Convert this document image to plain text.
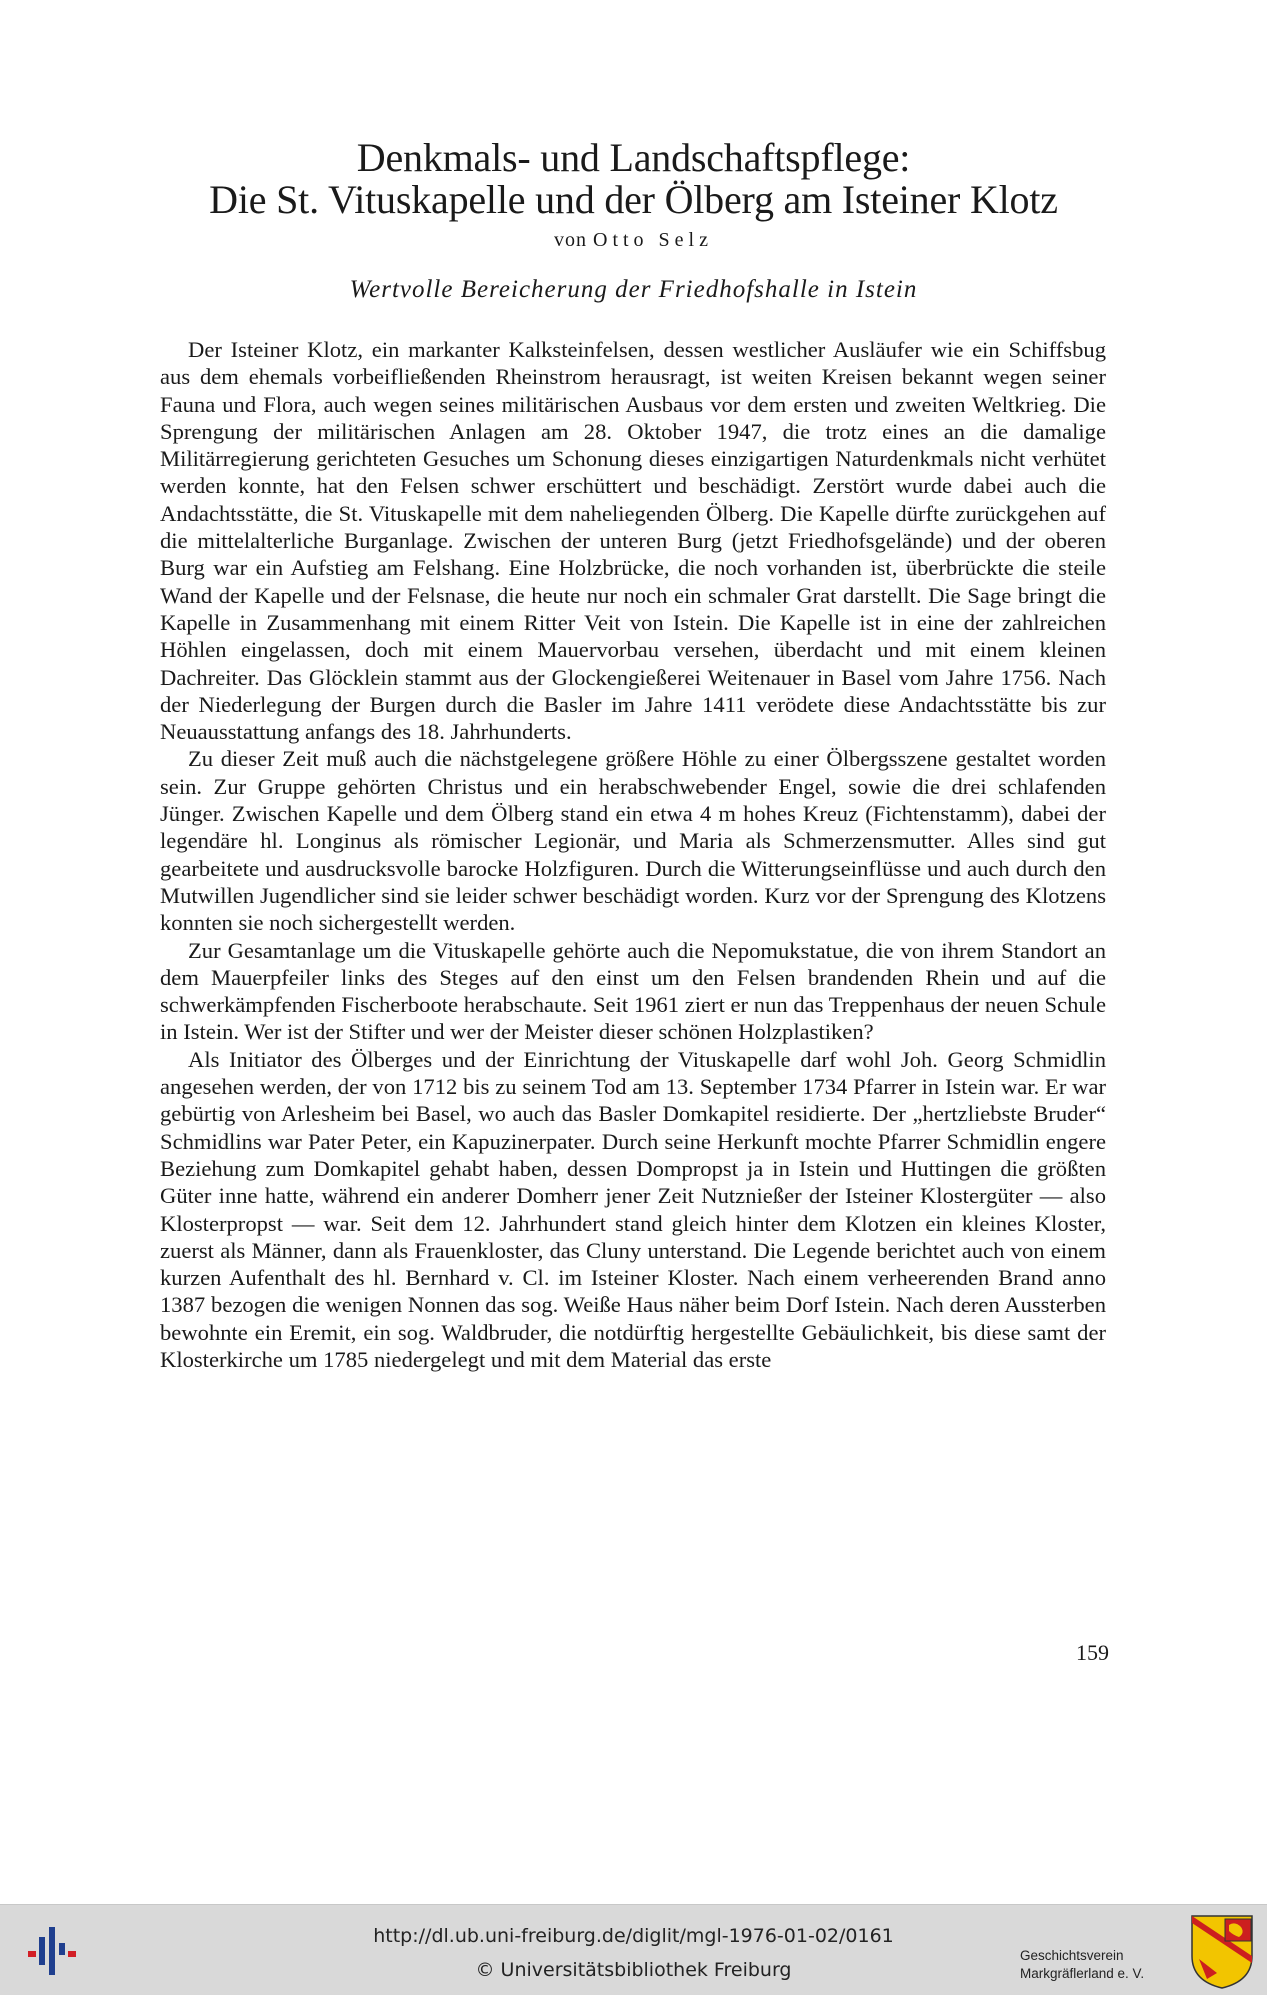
Denkmals- und Landschaftspflege:
Die St. Vituskapelle und der Ölberg am Isteiner Klotz
von Otto Selz
Wertvolle Bereicherung der Friedhofshalle in Istein

Der Isteiner Klotz, ein markanter Kalksteinfelsen, dessen westlicher Ausläufer wie ein Schiffsbug aus dem ehemals vorbeifließenden Rheinstrom herausragt, ist weiten Kreisen bekannt wegen seiner Fauna und Flora, auch wegen seines militärischen Ausbaus vor dem ersten und zweiten Weltkrieg. Die Sprengung der militärischen Anlagen am 28. Oktober 1947, die trotz eines an die damalige Militärregierung gerichteten Gesuches um Schonung dieses einzigartigen Naturdenkmals nicht verhütet werden konnte, hat den Felsen schwer erschüttert und beschädigt. Zerstört wurde dabei auch die Andachtsstätte, die St. Vituskapelle mit dem naheliegenden Ölberg. Die Kapelle dürfte zurückgehen auf die mittelalterliche Burganlage. Zwischen der unteren Burg (jetzt Friedhofsgelände) und der oberen Burg war ein Aufstieg am Felshang. Eine Holzbrücke, die noch vorhanden ist, überbrückte die steile Wand der Kapelle und der Felsnase, die heute nur noch ein schmaler Grat darstellt. Die Sage bringt die Kapelle in Zusammenhang mit einem Ritter Veit von Istein. Die Kapelle ist in eine der zahlreichen Höhlen eingelassen, doch mit einem Mauervorbau versehen, überdacht und mit einem kleinen Dachreiter. Das Glöcklein stammt aus der Glockengießerei Weitenauer in Basel vom Jahre 1756. Nach der Niederlegung der Burgen durch die Basler im Jahre 1411 verödete diese Andachtsstätte bis zur Neuausstattung anfangs des 18. Jahrhunderts.

Zu dieser Zeit muß auch die nächstgelegene größere Höhle zu einer Ölbergsszene gestaltet worden sein. Zur Gruppe gehörten Christus und ein herabschwebender Engel, sowie die drei schlafenden Jünger. Zwischen Kapelle und dem Ölberg stand ein etwa 4 m hohes Kreuz (Fichtenstamm), dabei der legendäre hl. Longinus als römischer Legionär, und Maria als Schmerzensmutter. Alles sind gut gearbeitete und ausdrucksvolle barocke Holzfiguren. Durch die Witterungseinflüsse und auch durch den Mutwillen Jugendlicher sind sie leider schwer beschädigt worden. Kurz vor der Sprengung des Klotzens konnten sie noch sichergestellt werden.

Zur Gesamtanlage um die Vituskapelle gehörte auch die Nepomukstatue, die von ihrem Standort an dem Mauerpfeiler links des Steges auf den einst um den Felsen brandenden Rhein und auf die schwerkämpfenden Fischerboote herabschaute. Seit 1961 ziert er nun das Treppenhaus der neuen Schule in Istein. Wer ist der Stifter und wer der Meister dieser schönen Holzplastiken?

Als Initiator des Ölberges und der Einrichtung der Vituskapelle darf wohl Joh. Georg Schmidlin angesehen werden, der von 1712 bis zu seinem Tod am 13. September 1734 Pfarrer in Istein war. Er war gebürtig von Arlesheim bei Basel, wo auch das Basler Domkapitel residierte. Der „hertzliebste Bruder“ Schmidlins war Pater Peter, ein Kapuzinerpater. Durch seine Herkunft mochte Pfarrer Schmidlin engere Beziehung zum Domkapitel gehabt haben, dessen Dompropst ja in Istein und Huttingen die größten Güter inne hatte, während ein anderer Domherr jener Zeit Nutznießer der Isteiner Klostergüter — also Klosterpropst — war. Seit dem 12. Jahrhundert stand gleich hinter dem Klotzen ein kleines Kloster, zuerst als Männer, dann als Frauenkloster, das Cluny unterstand. Die Legende berichtet auch von einem kurzen Aufenthalt des hl. Bernhard v. Cl. im Isteiner Kloster. Nach einem verheerenden Brand anno 1387 bezogen die wenigen Nonnen das sog. Weiße Haus näher beim Dorf Istein. Nach deren Aussterben bewohnte ein Eremit, ein sog. Waldbruder, die notdürftig hergestellte Gebäulichkeit, bis diese samt der Klosterkirche um 1785 niedergelegt und mit dem Material das erste

159
http://dl.ub.uni-freiburg.de/diglit/mgl-1976-01-02/0161
© Universitätsbibliothek Freiburg
Geschichtsverein
Markgräflerland e. V.
